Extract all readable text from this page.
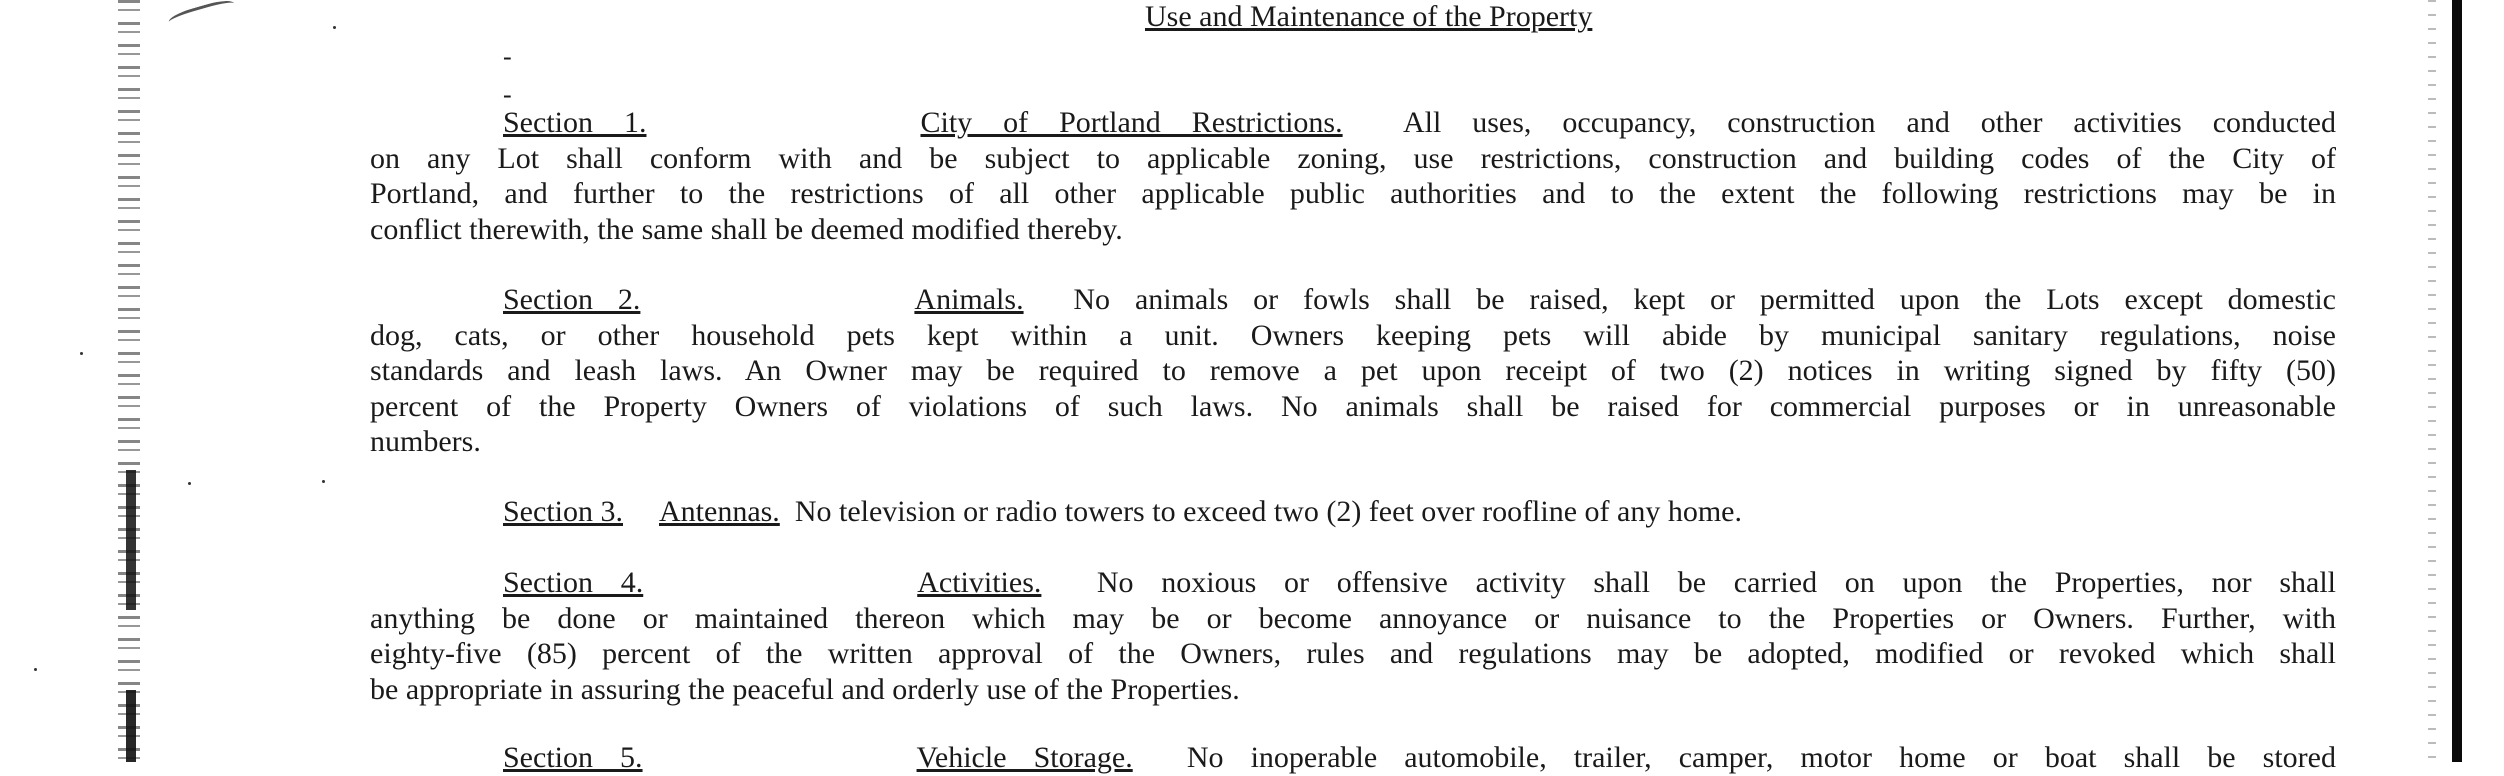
Use and Maintenance of the Property
-
-
Section 1.	City of Portland Restrictions. All uses, occupancy, construction and other activities conducted
on any Lot shall conform with and be subject to applicable zoning, use restrictions, construction and building codes of the City of
Portland, and further to the restrictions of all other applicable public authorities and to the extent the following restrictions may be in
conflict therewith, the same shall be deemed modified thereby.
Section 2.	Animals. No animals or fowls shall be raised, kept or permitted upon the Lots except domestic
dog, cats, or other household pets kept within a unit. Owners keeping pets will abide by municipal sanitary regulations, noise
standards and leash laws. An Owner may be required to remove a pet upon receipt of two (2) notices in writing signed by fifty (50)
percent of the Property Owners of violations of such laws. No animals shall be raised for commercial purposes or in unreasonable
numbers.
Section 3. Antennas. No television or radio towers to exceed two (2) feet over roofline of any home.
Section 4.	Activities. No noxious or offensive activity shall be carried on upon the Properties, nor shall
anything be done or maintained thereon which may be or become annoyance or nuisance to the Properties or Owners. Further, with
eighty-five (85) percent of the written approval of the Owners, rules and regulations may be adopted, modified or revoked which shall
be appropriate in assuring the peaceful and orderly use of the Properties.
Section 5.	Vehicle Storage. No inoperable automobile, trailer, camper, motor home or boat shall be stored
